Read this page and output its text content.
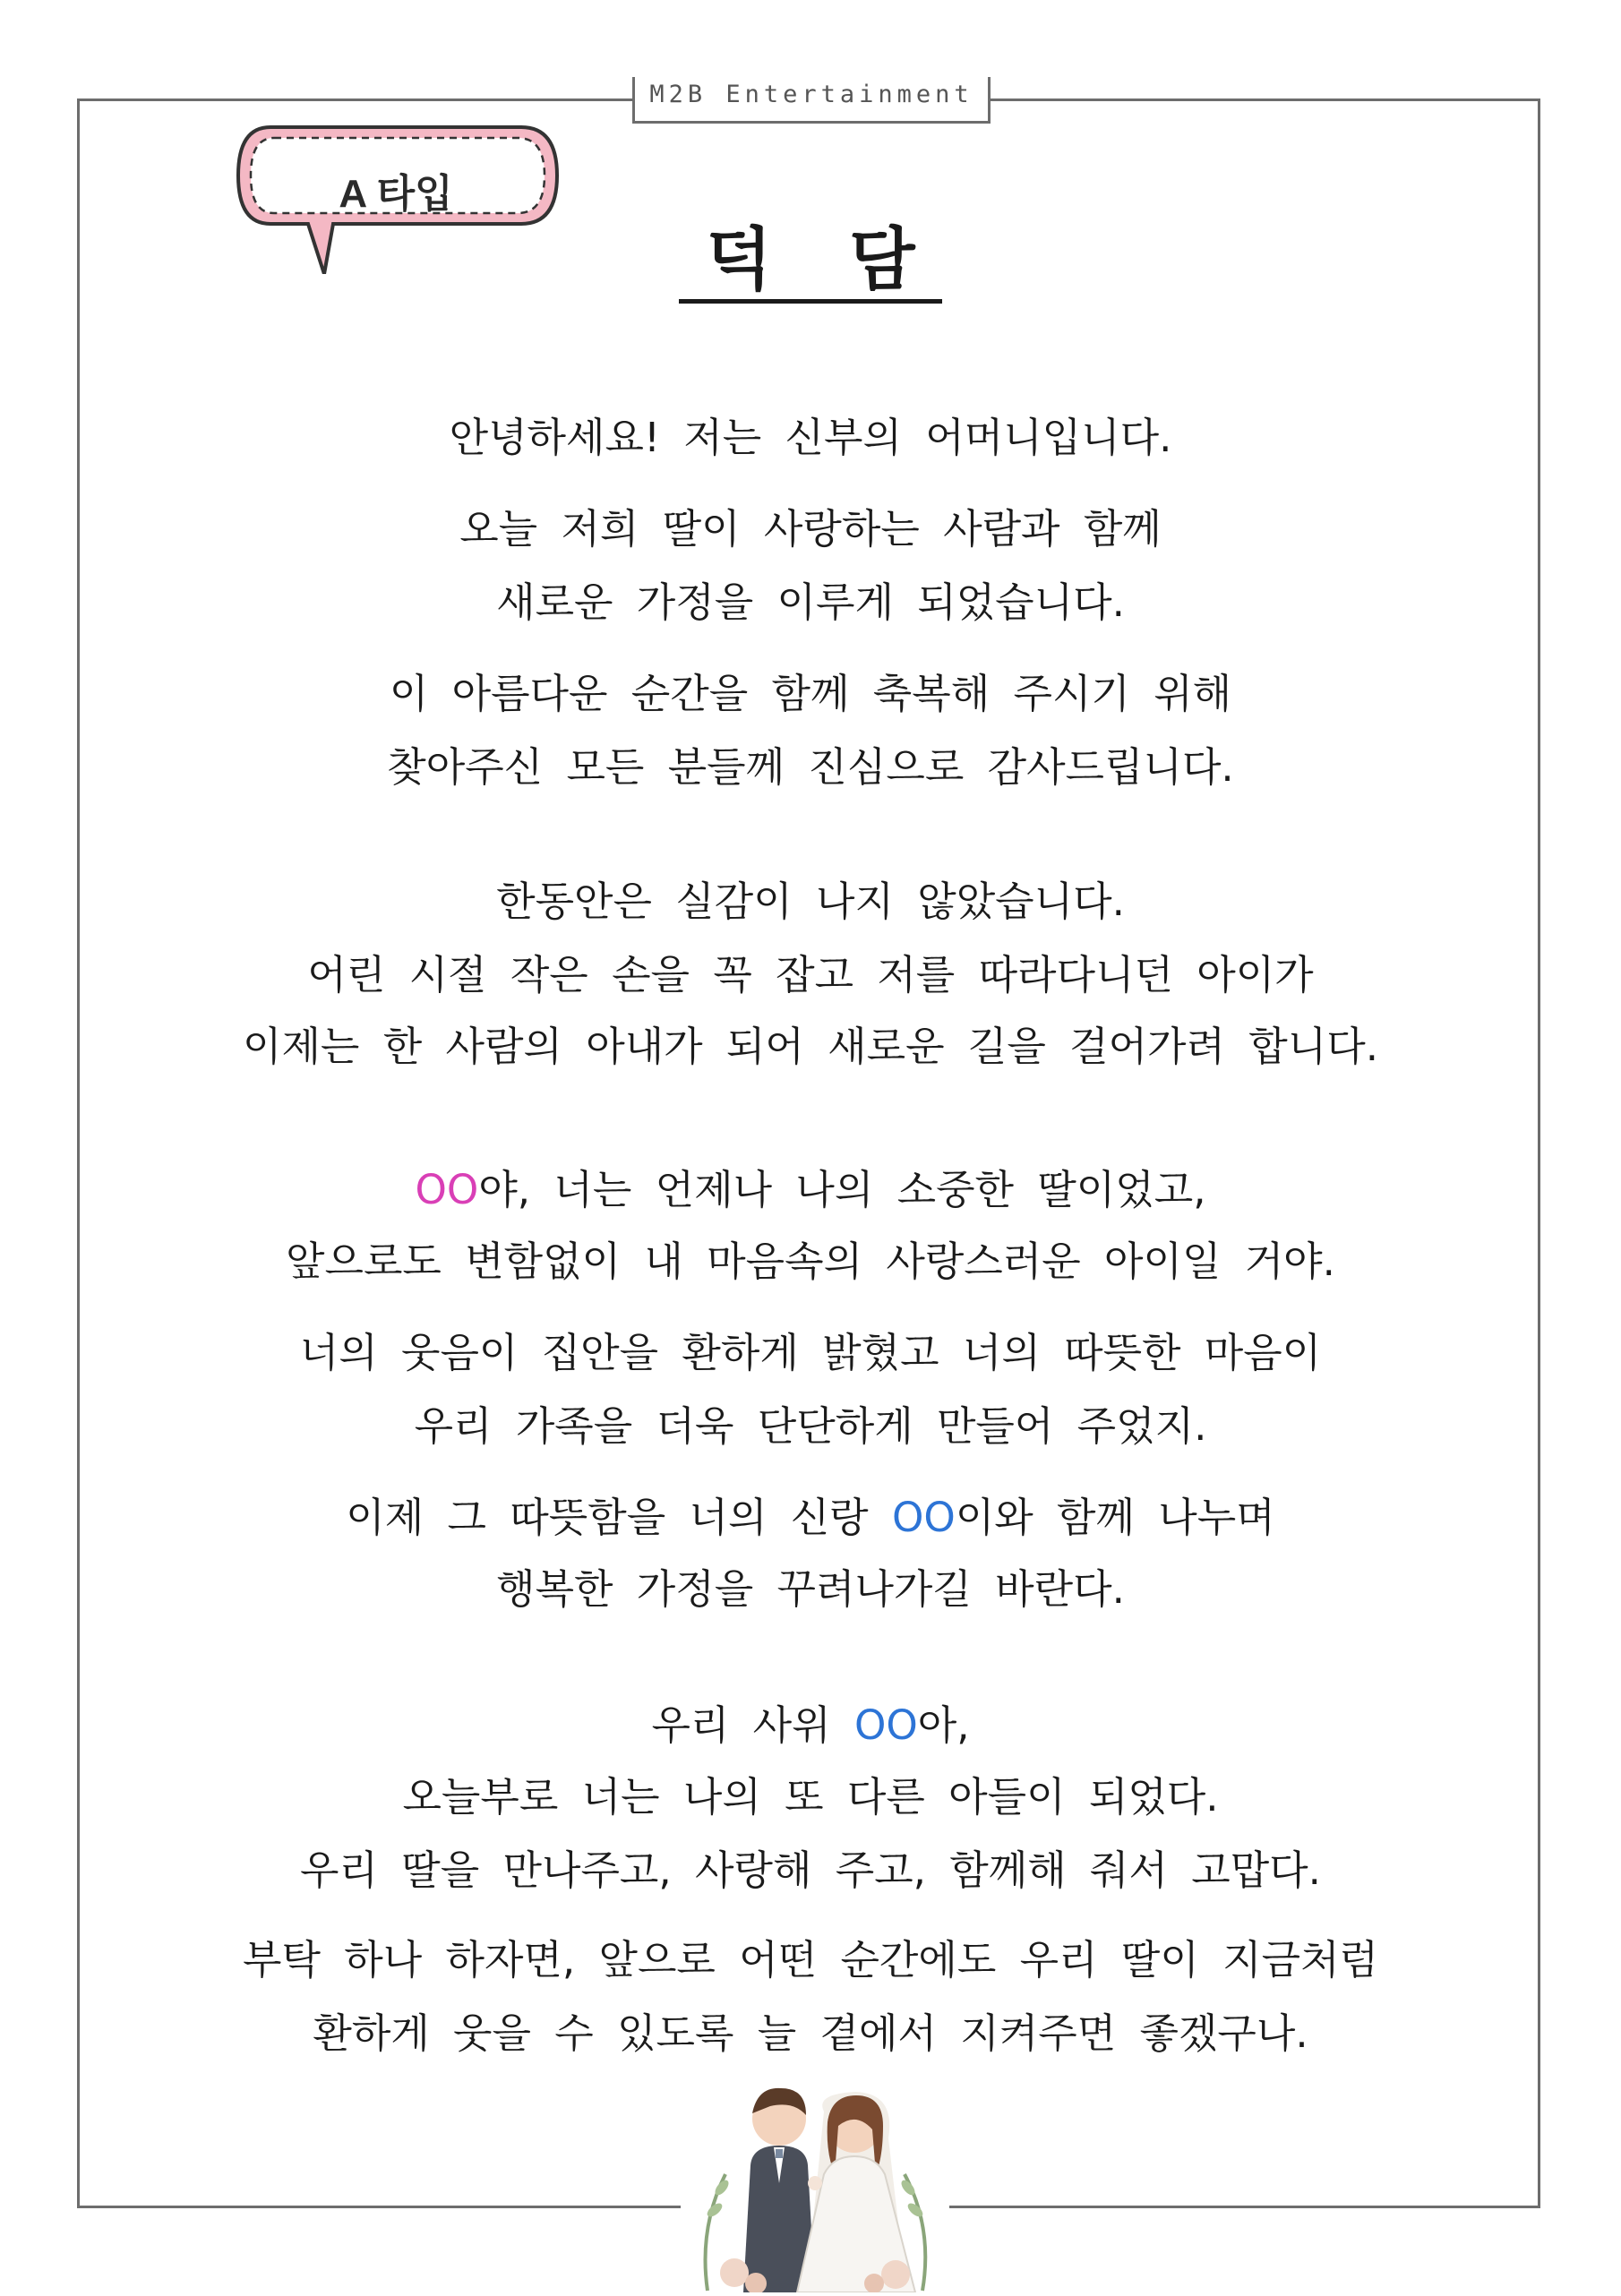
M2B Entertainment
A 타입
덕 담
안녕하세요! 저는 신부의 어머니입니다.
오늘 저희 딸이 사랑하는 사람과 함께
새로운 가정을 이루게 되었습니다.
이 아름다운 순간을 함께 축복해 주시기 위해
찾아주신 모든 분들께 진심으로 감사드립니다.
한동안은 실감이 나지 않았습니다.
어린 시절 작은 손을 꼭 잡고 저를 따라다니던 아이가
이제는 한 사람의 아내가 되어 새로운 길을 걸어가려 합니다.
OO야, 너는 언제나 나의 소중한 딸이었고,
앞으로도 변함없이 내 마음속의 사랑스러운 아이일 거야.
너의 웃음이 집안을 환하게 밝혔고 너의 따뜻한 마음이
우리 가족을 더욱 단단하게 만들어 주었지.
이제 그 따뜻함을 너의 신랑 OO이와 함께 나누며
행복한 가정을 꾸려나가길 바란다.
우리 사위 OO아,
오늘부로 너는 나의 또 다른 아들이 되었다.
우리 딸을 만나주고, 사랑해 주고, 함께해 줘서 고맙다.
부탁 하나 하자면, 앞으로 어떤 순간에도 우리 딸이 지금처럼
환하게 웃을 수 있도록 늘 곁에서 지켜주면 좋겠구나.
